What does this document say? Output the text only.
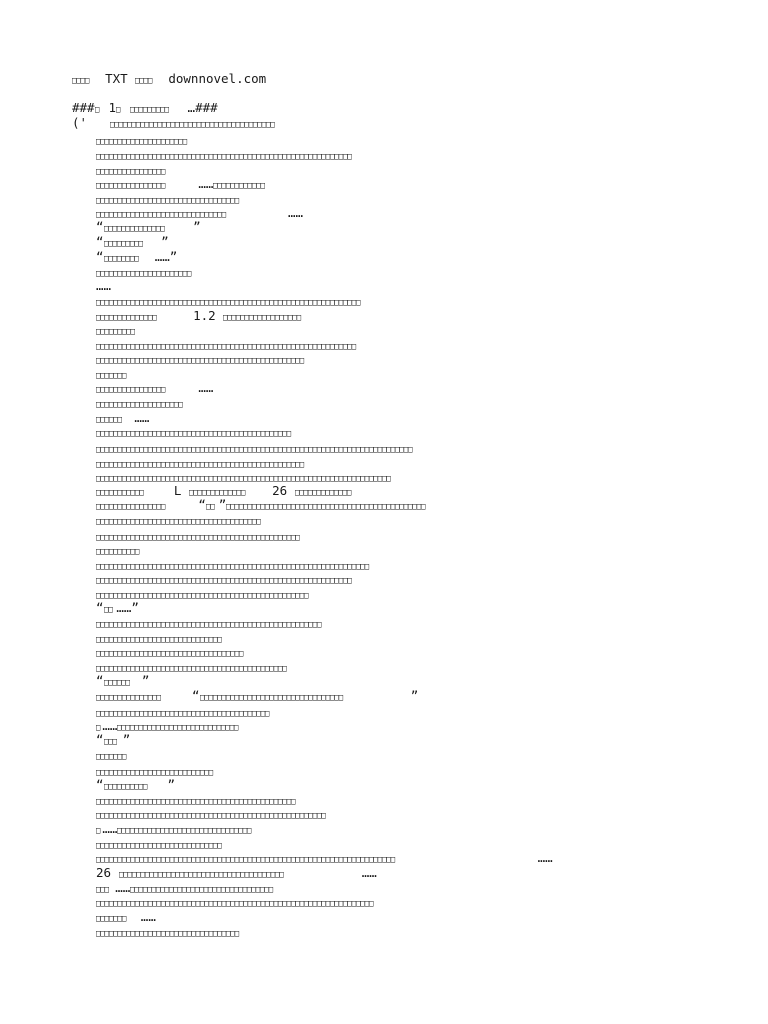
□□□□ TXT □□□□ downnovel.com
###□ 1□ □□□□□□□□□ …###
('   □□□□□□□□□□□□□□□□□□□□□□□□□□□□□□□□□□□□□□
□□□□□□□□□□□□□□□□□□□□□
□□□□□□□□□□□□□□□□□□□□□□□□□□□□□□□□□□□□□□□□□□□□□□□□□□□□□□□□□□□
□□□□□□□□□□□□□□□□
□□□□□□□□□□□□□□□□	……□□□□□□□□□□□□
□□□□□□□□□□□□□□□□□□□□□□□□□□□□□□□□□
□□□□□□□□□□□□□□□□□□□□□□□□□□□□□□	……
“□□□□□□□□□□□□□□ ”
“□□□□□□□□□ ”
“□□□□□□□□ ……”
□□□□□□□□□□□□□□□□□□□□□□
……
□□□□□□□□□□□□□□□□□□□□□□□□□□□□□□□□□□□□□□□□□□□□□□□□□□□□□□□□□□□□□
□□□□□□□□□□□□□□ 1.2 □□□□□□□□□□□□□□□□□□
□□□□□□□□□
□□□□□□□□□□□□□□□□□□□□□□□□□□□□□□□□□□□□□□□□□□□□□□□□□□□□□□□□□□□□
□□□□□□□□□□□□□□□□□□□□□□□□□□□□□□□□□□□□□□□□□□□□□□□□
□□□□□□□
□□□□□□□□□□□□□□□□	……
□□□□□□□□□□□□□□□□□□□□
□□□□□□ ……
□□□□□□□□□□□□□□□□□□□□□□□□□□□□□□□□□□□□□□□□□□□□□
□□□□□□□□□□□□□□□□□□□□□□□□□□□□□□□□□□□□□□□□□□□□□□□□□□□□□□□□□□□□□□□□□□□□□□□□□
□□□□□□□□□□□□□□□□□□□□□□□□□□□□□□□□□□□□□□□□□□□□□□□□
□□□□□□□□□□□□□□□□□□□□□□□□□□□□□□□□□□□□□□□□□□□□□□□□□□□□□□□□□□□□□□□□□□□□
□□□□□□□□□□□ L □□□□□□□□□□□□□ 26 □□□□□□□□□□□□□
□□□□□□□□□□□□□□□□	“□□ ”□□□□□□□□□□□□□□□□□□□□□□□□□□□□□□□□□□□□□□□□□□□□□□
□□□□□□□□□□□□□□□□□□□□□□□□□□□□□□□□□□□□□□
□□□□□□□□□□□□□□□□□□□□□□□□□□□□□□□□□□□□□□□□□□□□□□□
□□□□□□□□□□
□□□□□□□□□□□□□□□□□□□□□□□□□□□□□□□□□□□□□□□□□□□□□□□□□□□□□□□□□□□□□□□
□□□□□□□□□□□□□□□□□□□□□□□□□□□□□□□□□□□□□□□□□□□□□□□□□□□□□□□□□□□
□□□□□□□□□□□□□□□□□□□□□□□□□□□□□□□□□□□□□□□□□□□□□□□□□
“□□ ……”
□□□□□□□□□□□□□□□□□□□□□□□□□□□□□□□□□□□□□□□□□□□□□□□□□□□□
□□□□□□□□□□□□□□□□□□□□□□□□□□□□□
□□□□□□□□□□□□□□□□□□□□□□□□□□□□□□□□□□
□□□□□□□□□□□□□□□□□□□□□□□□□□□□□□□□□□□□□□□□□□□□
“□□□□□□ ”
□□□□□□□□□□□□□□□ “□□□□□□□□□□□□□□□□□□□□□□□□□□□□□□□□□	”
□□□□□□□□□□□□□□□□□□□□□□□□□□□□□□□□□□□□□□□□
□ ……□□□□□□□□□□□□□□□□□□□□□□□□□□□□
“□□□ ”
□□□□□□□
□□□□□□□□□□□□□□□□□□□□□□□□□□□
“□□□□□□□□□□ ”
□□□□□□□□□□□□□□□□□□□□□□□□□□□□□□□□□□□□□□□□□□□□□□
□□□□□□□□□□□□□□□□□□□□□□□□□□□□□□□□□□□□□□□□□□□□□□□□□□□□□
□ ……□□□□□□□□□□□□□□□□□□□□□□□□□□□□□□□
□□□□□□□□□□□□□□□□□□□□□□□□□□□□□
□□□□□□□□□□□□□□□□□□□□□□□□□□□□□□□□□□□□□□□□□□□□□□□□□□□□□□□□□□□□□□□□□□□□□	……
26 □□□□□□□□□□□□□□□□□□□□□□□□□□□□□□□□□□□□□□	……
□□□ ……□□□□□□□□□□□□□□□□□□□□□□□□□□□□□□□□□
□□□□□□□□□□□□□□□□□□□□□□□□□□□□□□□□□□□□□□□□□□□□□□□□□□□□□□□□□□□□□□□□
□□□□□□□ ……
□□□□□□□□□□□□□□□□□□□□□□□□□□□□□□□□□
